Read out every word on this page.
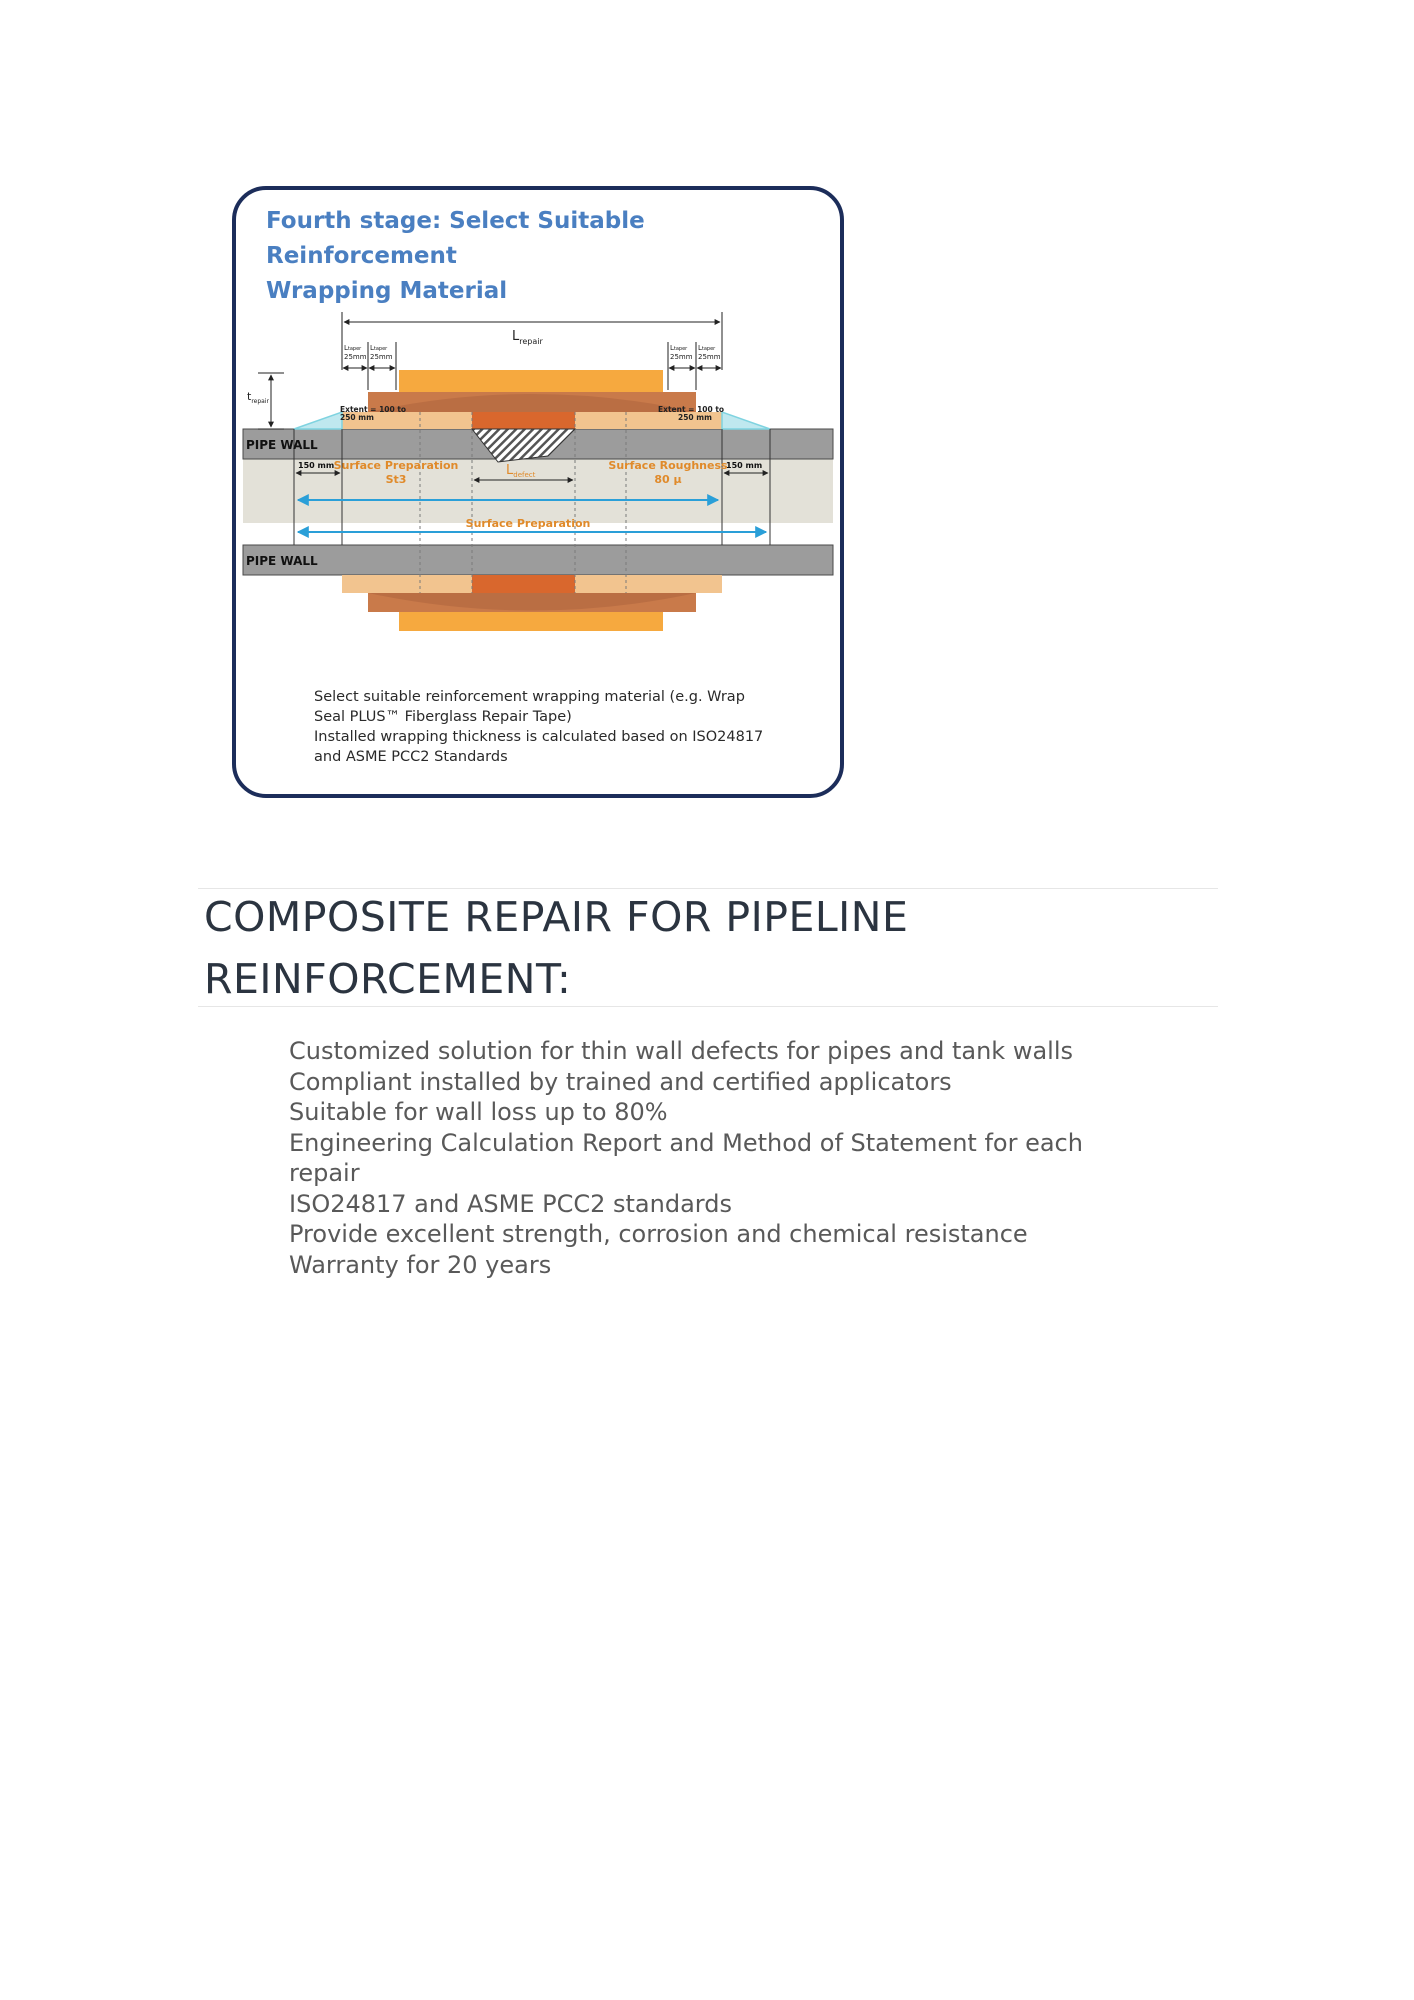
$L_{repair}$
Ltaper
25mm
Ltaper
25mm
Ltaper
25mm
Ltaper
25mm
$t_{repair}$
Extent = 100 to
250 mm
Extent = 100 to
250 mm
PIPE WALL
PIPE WALL
150 mm	150 mm
Surface Preparation
St3
Surface Roughness
80 µ
$L_{defect}$
Surface Preparation
Fourth stage: Select Suitable Reinforcement
Wrapping Material
Select suitable reinforcement wrapping material (e.g. Wrap
Seal PLUS™ Fiberglass Repair Tape)
Installed wrapping thickness is calculated based on ISO24817
and ASME PCC2 Standards
COMPOSITE REPAIR FOR PIPELINE
REINFORCEMENT:
Customized solution for thin wall defects for pipes and tank walls
Compliant installed by trained and certified applicators
Suitable for wall loss up to 80%
Engineering Calculation Report and Method of Statement for each
repair
ISO24817 and ASME PCC2 standards
Provide excellent strength, corrosion and chemical resistance
Warranty for 20 years
